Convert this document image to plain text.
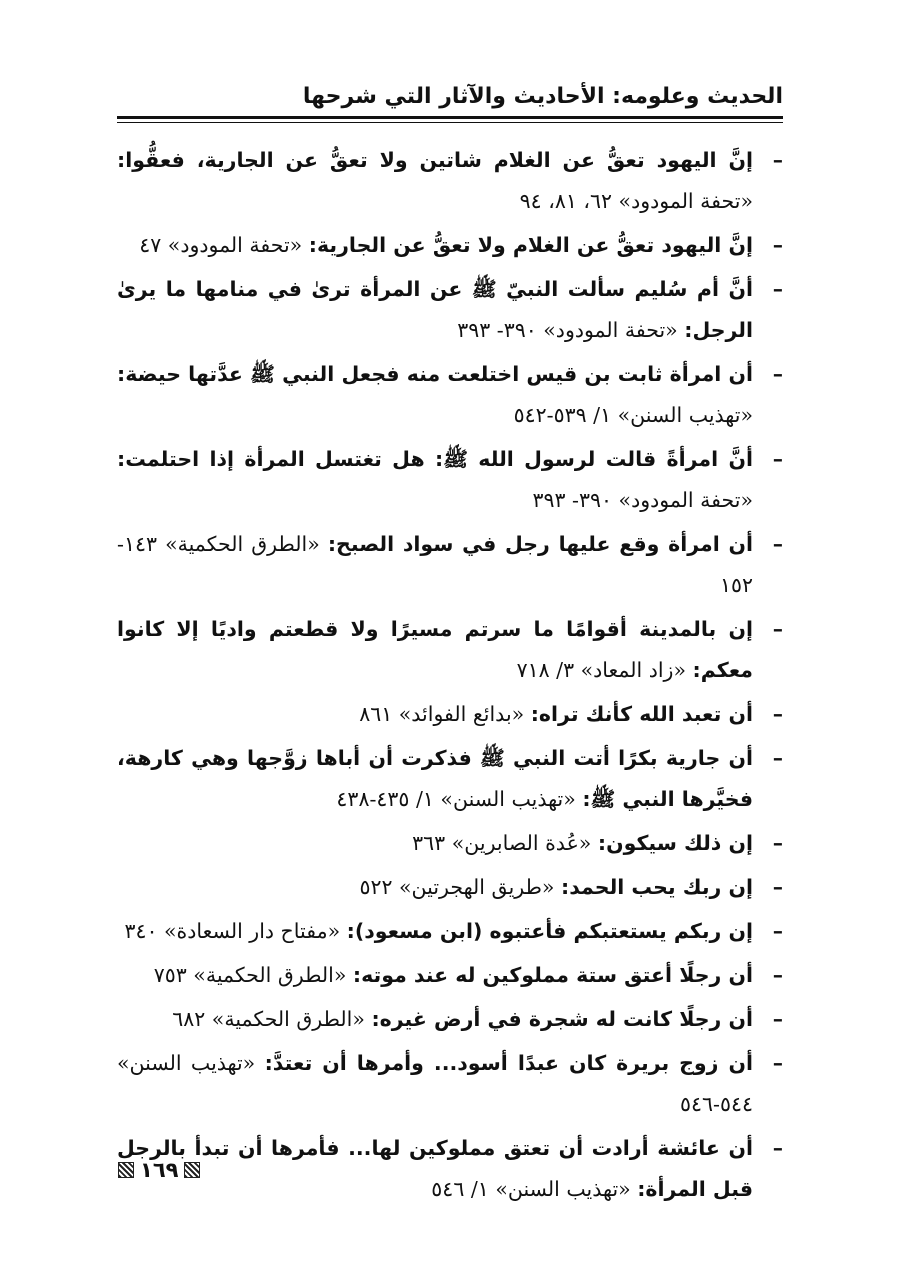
الحديث وعلومه: الأحاديث والآثار التي شرحها
–
إنَّ اليهود تعقُّ عن الغلام شاتين ولا تعقُّ عن الجارية، فعقُّوا: «تحفة المودود» ٦٢، ٨١، ٩٤
–
إنَّ اليهود تعقُّ عن الغلام ولا تعقُّ عن الجارية: «تحفة المودود» ٤٧
–
أنَّ أم سُليم سألت النبيّ ﷺ عن المرأة ترىٰ في منامها ما يرىٰ الرجل: «تحفة المودود» ٣٩٠- ٣٩٣
–
أن امرأة ثابت بن قيس اختلعت منه فجعل النبي ﷺ عدَّتها حيضة: «تهذيب السنن» ١/ ٥٣٩-٥٤٢
–
أنَّ امرأةً قالت لرسول الله ﷺ: هل تغتسل المرأة إذا احتلمت: «تحفة المودود» ٣٩٠- ٣٩٣
–
أن امرأة وقع عليها رجل في سواد الصبح: «الطرق الحكمية» ١٤٣- ١٥٢
–
إن بالمدينة أقوامًا ما سرتم مسيرًا ولا قطعتم واديًا إلا كانوا معكم: «زاد المعاد» ٣/ ٧١٨
–
أن تعبد الله كأنك تراه: «بدائع الفوائد» ٨٦١
–
أن جارية بكرًا أتت النبي ﷺ فذكرت أن أباها زوَّجها وهي كارهة، فخيَّرها النبي ﷺ: «تهذيب السنن» ١/ ٤٣٥-٤٣٨
–
إن ذلك سيكون: «عُدة الصابرين» ٣٦٣
–
إن ربك يحب الحمد: «طريق الهجرتين» ٥٢٢
–
إن ربكم يستعتبكم فأعتبوه (ابن مسعود): «مفتاح دار السعادة» ٣٤٠
–
أن رجلًا أعتق ستة مملوكين له عند موته: «الطرق الحكمية» ٧٥٣
–
أن رجلًا كانت له شجرة في أرض غيره: «الطرق الحكمية» ٦٨٢
–
أن زوج بريرة كان عبدًا أسود... وأمرها أن تعتدَّ: «تهذيب السنن» ٥٤٤-٥٤٦
–
أن عائشة أرادت أن تعتق مملوكين لها... فأمرها أن تبدأ بالرجل قبل المرأة: «تهذيب السنن» ١/ ٥٤٦
١٦٩
